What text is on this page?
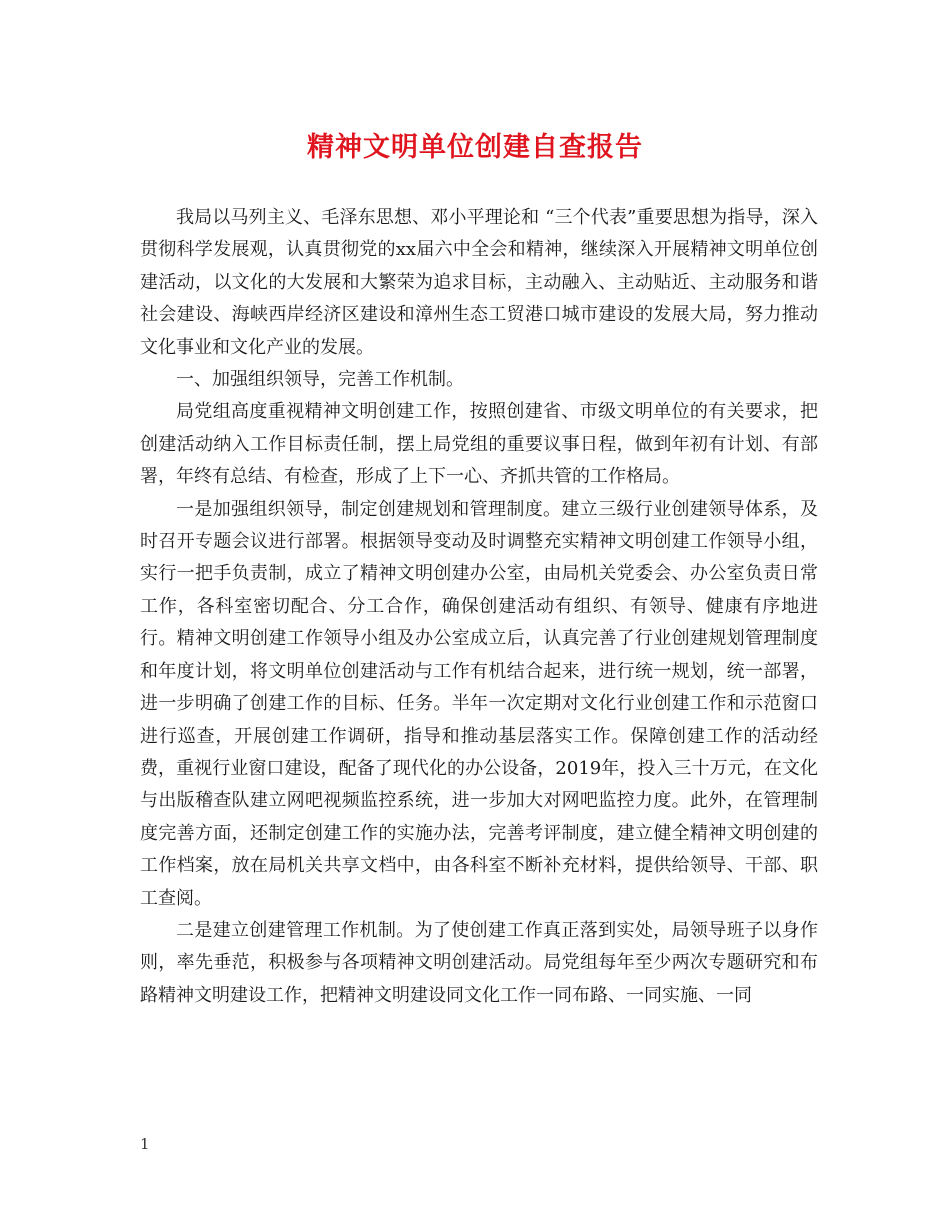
精神文明单位创建自查报告

我局以马列主义、毛泽东思想、邓小平理论和 “三个代表”重要思想为指导，深入贯彻科学发展观，认真贯彻党的xx届六中全会和精神，继续深入开展精神文明单位创建活动，以文化的大发展和大繁荣为追求目标，主动融入、主动贴近、主动服务和谐社会建设、海峡西岸经济区建设和漳州生态工贸港口城市建设的发展大局，努力推动文化事业和文化产业的发展。

一、加强组织领导，完善工作机制。

局党组高度重视精神文明创建工作，按照创建省、市级文明单位的有关要求，把创建活动纳入工作目标责任制，摆上局党组的重要议事日程，做到年初有计划、有部署，年终有总结、有检查，形成了上下一心、齐抓共管的工作格局。

一是加强组织领导，制定创建规划和管理制度。建立三级行业创建领导体系，及时召开专题会议进行部署。根据领导变动及时调整充实精神文明创建工作领导小组，实行一把手负责制，成立了精神文明创建办公室，由局机关党委会、办公室负责日常工作，各科室密切配合、分工合作，确保创建活动有组织、有领导、健康有序地进行。精神文明创建工作领导小组及办公室成立后，认真完善了行业创建规划管理制度和年度计划，将文明单位创建活动与工作有机结合起来，进行统一规划，统一部署，进一步明确了创建工作的目标、任务。半年一次定期对文化行业创建工作和示范窗口进行巡查，开展创建工作调研，指导和推动基层落实工作。保障创建工作的活动经费，重视行业窗口建设，配备了现代化的办公设备，2019年，投入三十万元，在文化与出版稽查队建立网吧视频监控系统，进一步加大对网吧监控力度。此外，在管理制度完善方面，还制定创建工作的实施办法，完善考评制度，建立健全精神文明创建的工作档案，放在局机关共享文档中，由各科室不断补充材料，提供给领导、干部、职工查阅。

二是建立创建管理工作机制。为了使创建工作真正落到实处，局领导班子以身作则，率先垂范，积极参与各项精神文明创建活动。局党组每年至少两次专题研究和布路精神文明建设工作，把精神文明建设同文化工作一同布路、一同实施、一同

1
